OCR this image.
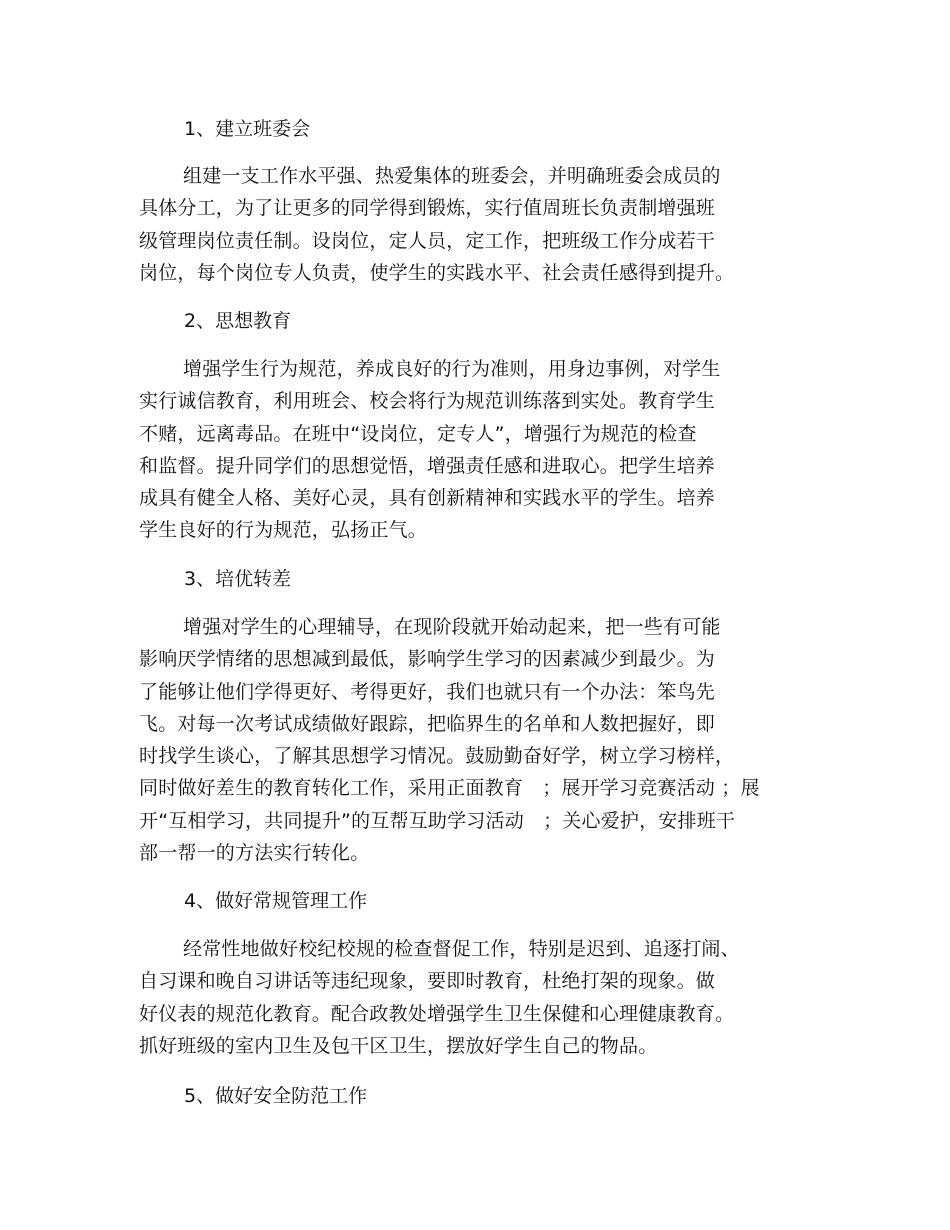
1、建立班委会
组建一支工作水平强、热爱集体的班委会，并明确班委会成员的
具体分工，为了让更多的同学得到锻炼，实行值周班长负责制增强班
级管理岗位责任制。设岗位，定人员，定工作，把班级工作分成若干
岗位，每个岗位专人负责，使学生的实践水平、社会责任感得到提升。
2、思想教育
增强学生行为规范，养成良好的行为准则，用身边事例，对学生
实行诚信教育，利用班会、校会将行为规范训练落到实处。教育学生
不赌，远离毒品。在班中“设岗位，定专人”，增强行为规范的检查
和监督。提升同学们的思想觉悟，增强责任感和进取心。把学生培养
成具有健全人格、美好心灵，具有创新精神和实践水平的学生。培养
学生良好的行为规范，弘扬正气。
3、培优转差
增强对学生的心理辅导，在现阶段就开始动起来，把一些有可能
影响厌学情绪的思想减到最低，影响学生学习的因素减少到最少。为
了能够让他们学得更好、考得更好，我们也就只有一个办法：笨鸟先
飞。对每一次考试成绩做好跟踪，把临界生的名单和人数把握好，即
时找学生谈心，了解其思想学习情况。鼓励勤奋好学，树立学习榜样，
同时做好差生的教育转化工作，采用正面教育　；展开学习竞赛活动 ；展
开“互相学习，共同提升”的互帮互助学习活动　；关心爱护，安排班干
部一帮一的方法实行转化。
4、做好常规管理工作
经常性地做好校纪校规的检查督促工作，特别是迟到、追逐打闹、
自习课和晚自习讲话等违纪现象，要即时教育，杜绝打架的现象。做
好仪表的规范化教育。配合政教处增强学生卫生保健和心理健康教育。
抓好班级的室内卫生及包干区卫生，摆放好学生自己的物品。
5、做好安全防范工作
